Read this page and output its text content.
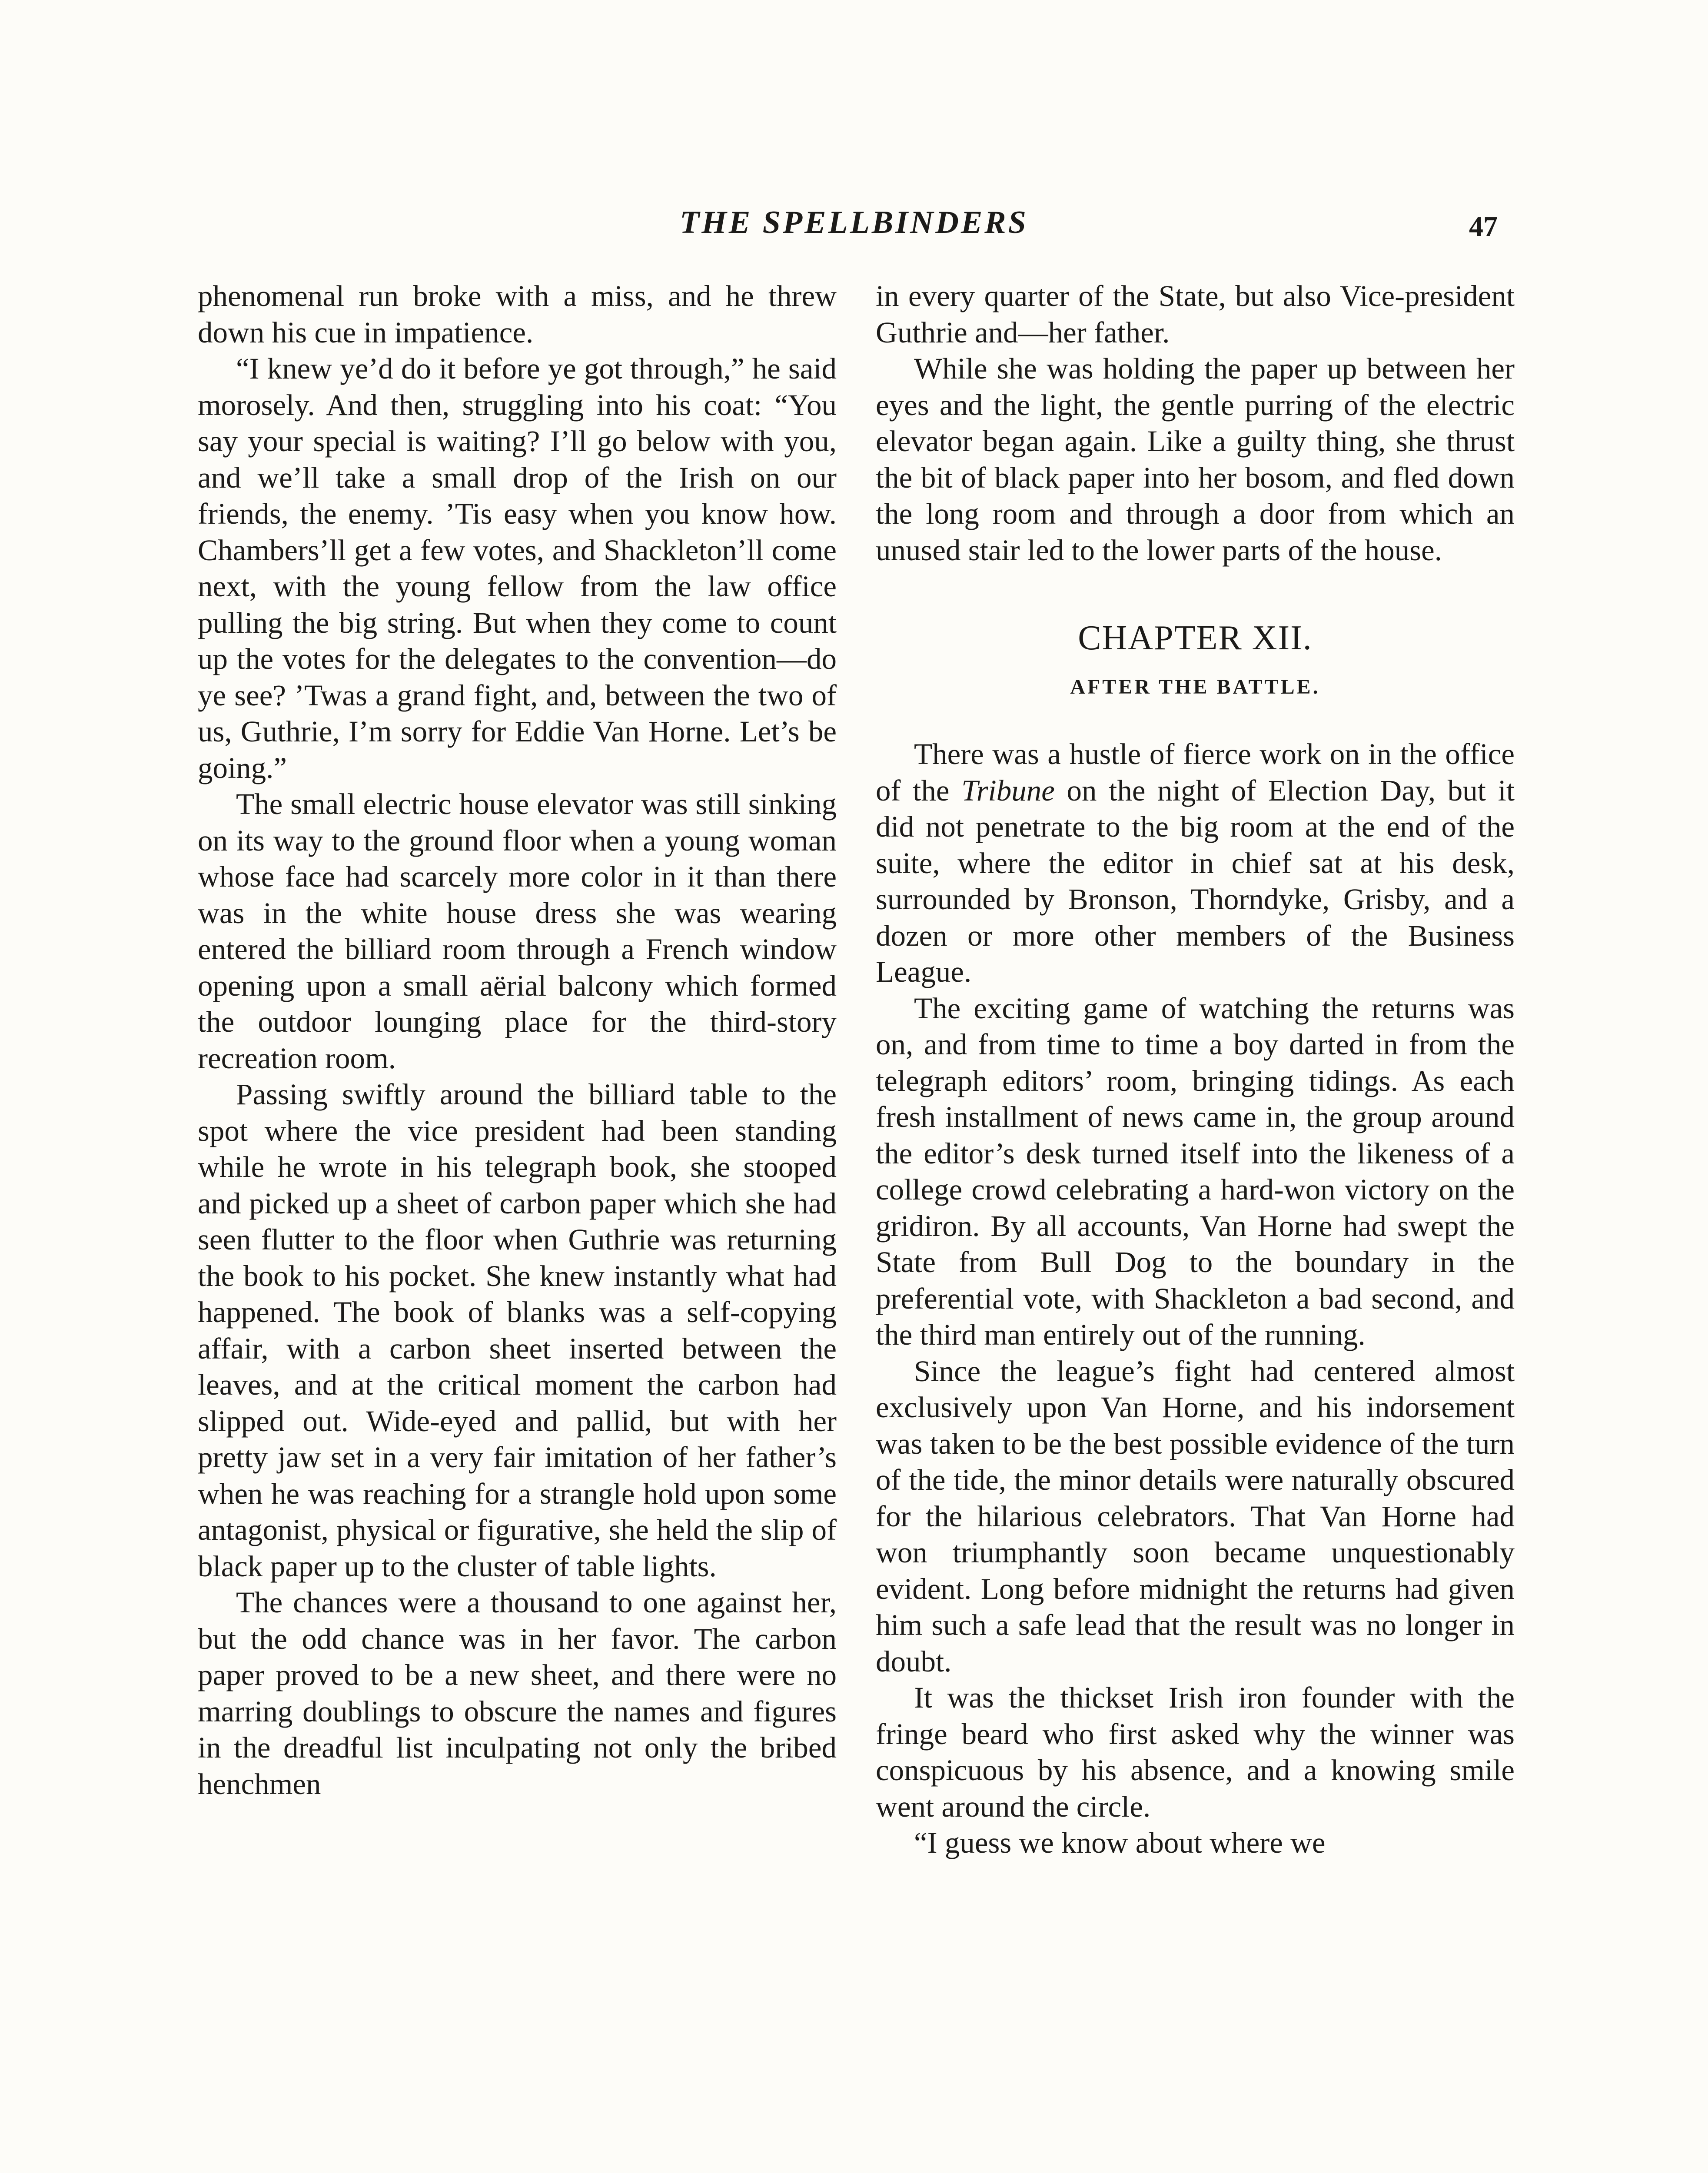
THE SPELLBINDERS	47

phenomenal run broke with a miss, and he threw down his cue in impatience.

“I knew ye’d do it before ye got through,” he said morosely. And then, struggling into his coat: “You say your special is waiting? I’ll go below with you, and we’ll take a small drop of the Irish on our friends, the enemy. ’Tis easy when you know how. Chambers’ll get a few votes, and Shackleton’ll come next, with the young fellow from the law office pulling the big string. But when they come to count up the votes for the delegates to the convention—do ye see? ’Twas a grand fight, and, between the two of us, Guthrie, I’m sorry for Eddie Van Horne. Let’s be going.”

The small electric house elevator was still sinking on its way to the ground floor when a young woman whose face had scarcely more color in it than there was in the white house dress she was wearing entered the billiard room through a French window opening upon a small aërial balcony which formed the outdoor lounging place for the third-story recreation room.

Passing swiftly around the billiard table to the spot where the vice president had been standing while he wrote in his telegraph book, she stooped and picked up a sheet of carbon paper which she had seen flutter to the floor when Guthrie was returning the book to his pocket. She knew instantly what had happened. The book of blanks was a self-copying affair, with a carbon sheet inserted between the leaves, and at the critical moment the carbon had slipped out. Wide-eyed and pallid, but with her pretty jaw set in a very fair imitation of her father’s when he was reaching for a strangle hold upon some antagonist, physical or figurative, she held the slip of black paper up to the cluster of table lights.

The chances were a thousand to one against her, but the odd chance was in her favor. The carbon paper proved to be a new sheet, and there were no marring doublings to obscure the names and figures in the dreadful list inculpating not only the bribed henchmen

in every quarter of the State, but also Vice-president Guthrie and—her father.

While she was holding the paper up between her eyes and the light, the gentle purring of the electric elevator began again. Like a guilty thing, she thrust the bit of black paper into her bosom, and fled down the long room and through a door from which an unused stair led to the lower parts of the house.

CHAPTER XII.
AFTER THE BATTLE.

There was a hustle of fierce work on in the office of the Tribune on the night of Election Day, but it did not penetrate to the big room at the end of the suite, where the editor in chief sat at his desk, surrounded by Bronson, Thorndyke, Grisby, and a dozen or more other members of the Business League.

The exciting game of watching the returns was on, and from time to time a boy darted in from the telegraph editors’ room, bringing tidings. As each fresh installment of news came in, the group around the editor’s desk turned itself into the likeness of a college crowd celebrating a hard-won victory on the gridiron. By all accounts, Van Horne had swept the State from Bull Dog to the boundary in the preferential vote, with Shackleton a bad second, and the third man entirely out of the running.

Since the league’s fight had centered almost exclusively upon Van Horne, and his indorsement was taken to be the best possible evidence of the turn of the tide, the minor details were naturally obscured for the hilarious celebrators. That Van Horne had won triumphantly soon became unquestionably evident. Long before midnight the returns had given him such a safe lead that the result was no longer in doubt.

It was the thickset Irish iron founder with the fringe beard who first asked why the winner was conspicuous by his absence, and a knowing smile went around the circle.

“I guess we know about where we
